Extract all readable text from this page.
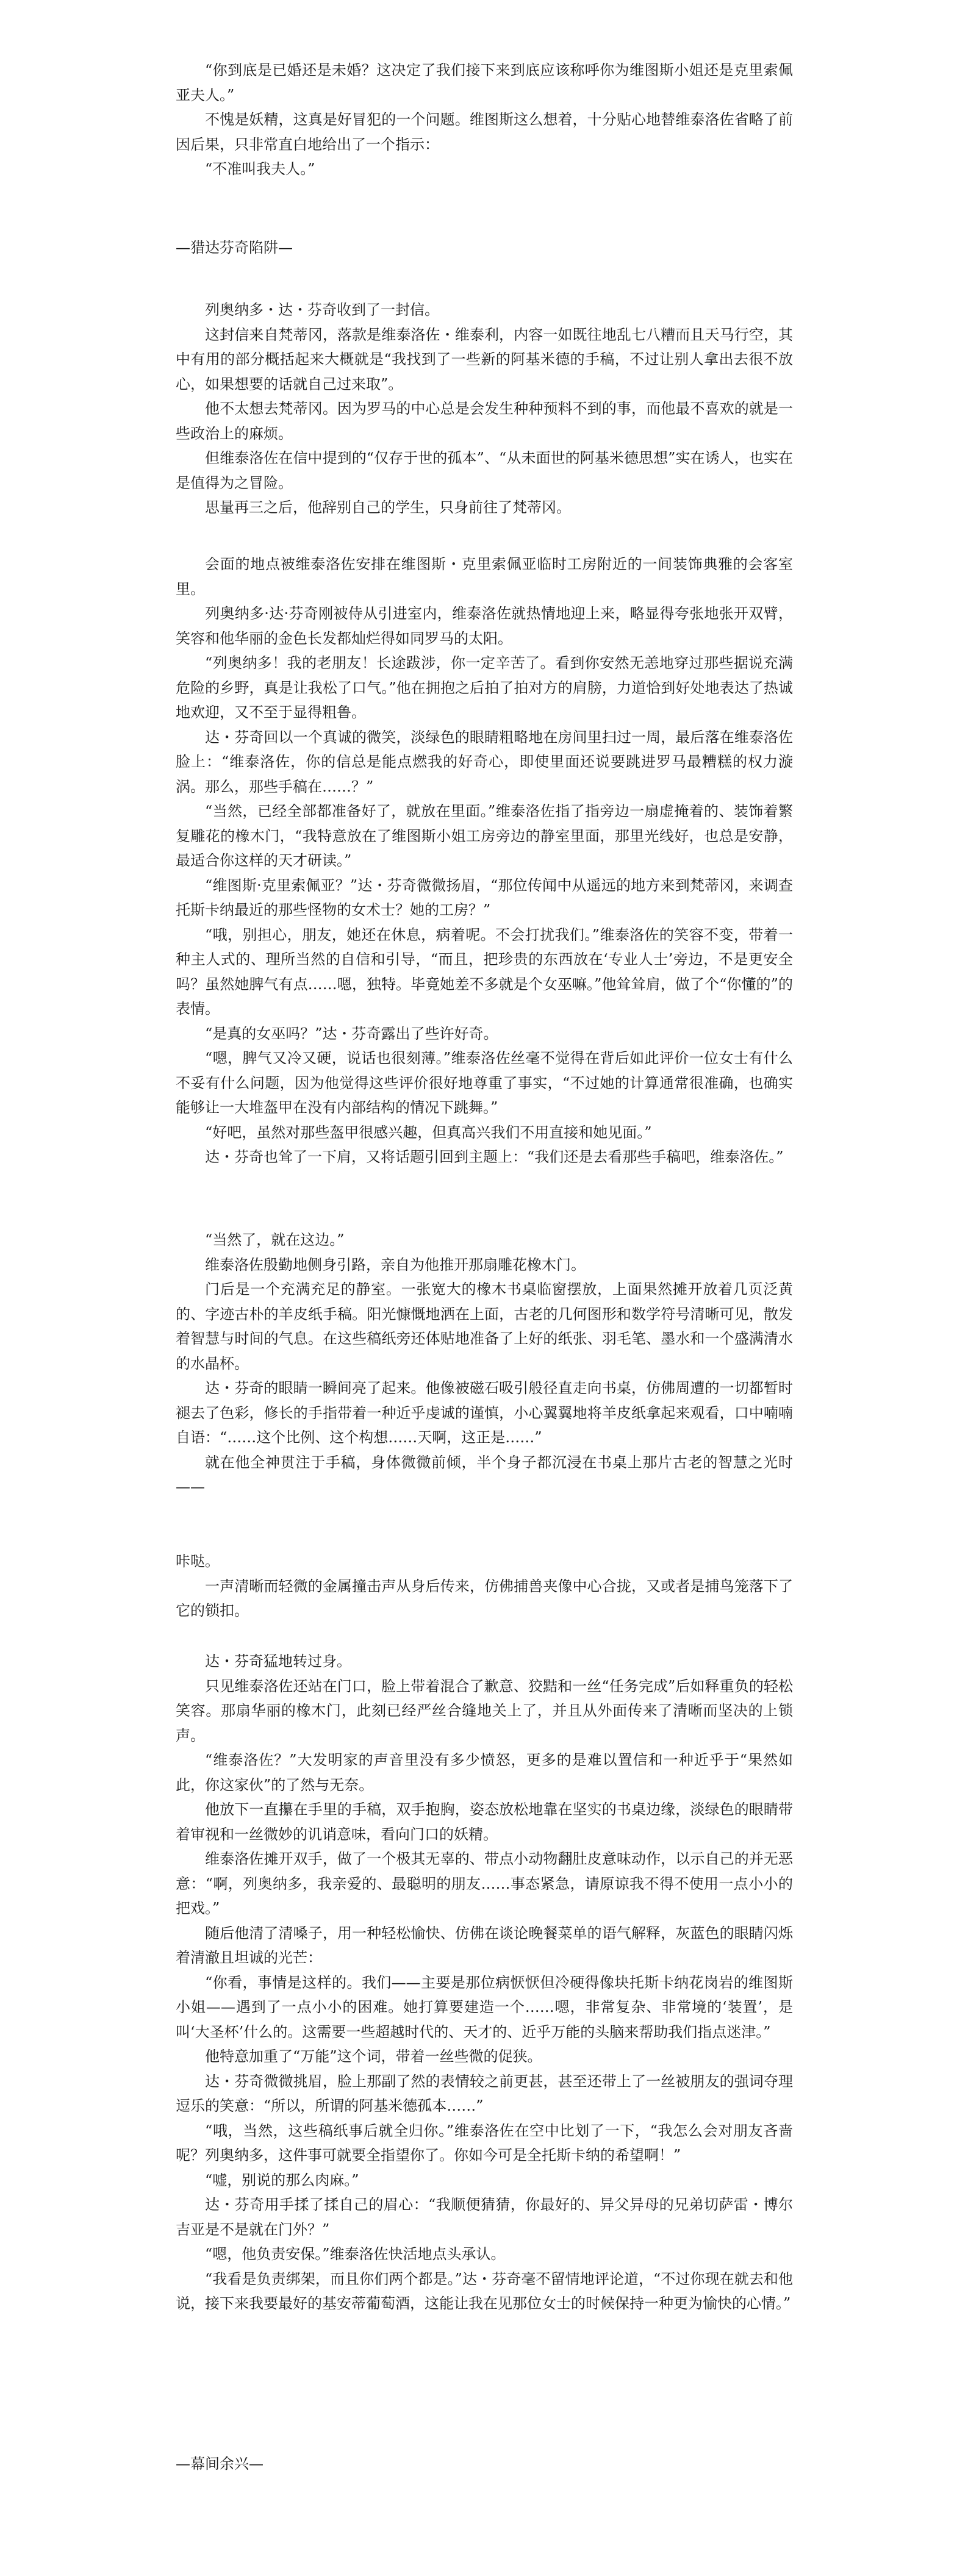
“你到底是已婚还是未婚？这决定了我们接下来到底应该称呼你为维图斯小姐还是克里索佩亚夫人。”

不愧是妖精，这真是好冒犯的一个问题。维图斯这么想着，十分贴心地替维泰洛佐省略了前因后果，只非常直白地给出了一个指示：

“不准叫我夫人。”

—猎达芬奇陷阱—

列奥纳多・达・芬奇收到了一封信。

这封信来自梵蒂冈，落款是维泰洛佐・维泰利，内容一如既往地乱七八糟而且天马行空，其中有用的部分概括起来大概就是“我找到了一些新的阿基米德的手稿，不过让别人拿出去很不放心，如果想要的话就自己过来取”。

他不太想去梵蒂冈。因为罗马的中心总是会发生种种预料不到的事，而他最不喜欢的就是一些政治上的麻烦。

但维泰洛佐在信中提到的“仅存于世的孤本”、“从未面世的阿基米德思想”实在诱人，也实在是值得为之冒险。

思量再三之后，他辞别自己的学生，只身前往了梵蒂冈。

会面的地点被维泰洛佐安排在维图斯・克里索佩亚临时工房附近的一间装饰典雅的会客室里。

列奥纳多·达·芬奇刚被侍从引进室内，维泰洛佐就热情地迎上来，略显得夸张地张开双臂，笑容和他华丽的金色长发都灿烂得如同罗马的太阳。

“列奥纳多！我的老朋友！长途跋涉，你一定辛苦了。看到你安然无恙地穿过那些据说充满危险的乡野，真是让我松了口气。”他在拥抱之后拍了拍对方的肩膀，力道恰到好处地表达了热诚地欢迎，又不至于显得粗鲁。

达・芬奇回以一个真诚的微笑，淡绿色的眼睛粗略地在房间里扫过一周，最后落在维泰洛佐脸上：“维泰洛佐，你的信总是能点燃我的好奇心，即使里面还说要跳进罗马最糟糕的权力漩涡。那么，那些手稿在……？”

“当然，已经全部都准备好了，就放在里面。”维泰洛佐指了指旁边一扇虚掩着的、装饰着繁复雕花的橡木门，“我特意放在了维图斯小姐工房旁边的静室里面，那里光线好，也总是安静，最适合你这样的天才研读。”

“维图斯·克里索佩亚？”达・芬奇微微扬眉，“那位传闻中从遥远的地方来到梵蒂冈，来调查托斯卡纳最近的那些怪物的女术士？她的工房？”

“哦，别担心，朋友，她还在休息，病着呢。不会打扰我们。”维泰洛佐的笑容不变，带着一种主人式的、理所当然的自信和引导，“而且，把珍贵的东西放在‘专业人士’旁边，不是更安全吗？虽然她脾气有点……嗯，独特。毕竟她差不多就是个女巫嘛。”他耸耸肩，做了个“你懂的”的表情。

“是真的女巫吗？”达・芬奇露出了些许好奇。

“嗯，脾气又冷又硬，说话也很刻薄。”维泰洛佐丝毫不觉得在背后如此评价一位女士有什么不妥有什么问题，因为他觉得这些评价很好地尊重了事实，“不过她的计算通常很准确，也确实能够让一大堆盔甲在没有内部结构的情况下跳舞。”

“好吧，虽然对那些盔甲很感兴趣，但真高兴我们不用直接和她见面。”

达・芬奇也耸了一下肩，又将话题引回到主题上：“我们还是去看那些手稿吧，维泰洛佐。”

“当然了，就在这边。”

维泰洛佐殷勤地侧身引路，亲自为他推开那扇雕花橡木门。

门后是一个充满充足的静室。一张宽大的橡木书桌临窗摆放，上面果然摊开放着几页泛黄的、字迹古朴的羊皮纸手稿。阳光慷慨地洒在上面，古老的几何图形和数学符号清晰可见，散发着智慧与时间的气息。在这些稿纸旁还体贴地准备了上好的纸张、羽毛笔、墨水和一个盛满清水的水晶杯。

达・芬奇的眼睛一瞬间亮了起来。他像被磁石吸引般径直走向书桌，仿佛周遭的一切都暂时褪去了色彩，修长的手指带着一种近乎虔诚的谨慎，小心翼翼地将羊皮纸拿起来观看，口中喃喃自语：“……这个比例、这个构想……天啊，这正是……”

就在他全神贯注于手稿，身体微微前倾，半个身子都沉浸在书桌上那片古老的智慧之光时——

咔哒。

一声清晰而轻微的金属撞击声从身后传来，仿佛捕兽夹像中心合拢，又或者是捕鸟笼落下了它的锁扣。

达・芬奇猛地转过身。

只见维泰洛佐还站在门口，脸上带着混合了歉意、狡黠和一丝“任务完成”后如释重负的轻松笑容。那扇华丽的橡木门，此刻已经严丝合缝地关上了，并且从外面传来了清晰而坚决的上锁声。

“维泰洛佐？”大发明家的声音里没有多少愤怒，更多的是难以置信和一种近乎于“果然如此，你这家伙”的了然与无奈。

他放下一直攥在手里的手稿，双手抱胸，姿态放松地靠在坚实的书桌边缘，淡绿色的眼睛带着审视和一丝微妙的讥诮意味，看向门口的妖精。

维泰洛佐摊开双手，做了一个极其无辜的、带点小动物翻肚皮意味动作，以示自己的并无恶意：“啊，列奥纳多，我亲爱的、最聪明的朋友……事态紧急，请原谅我不得不使用一点小小的把戏。”

随后他清了清嗓子，用一种轻松愉快、仿佛在谈论晚餐菜单的语气解释，灰蓝色的眼睛闪烁着清澈且坦诚的光芒：

“你看，事情是这样的。我们——主要是那位病恹恹但冷硬得像块托斯卡纳花岗岩的维图斯小姐——遇到了一点小小的困难。她打算要建造一个……嗯，非常复杂、非常境的‘装置’，是叫‘大圣杯’什么的。这需要一些超越时代的、天才的、近乎万能的头脑来帮助我们指点迷津。”

他特意加重了“万能”这个词，带着一丝些微的促狭。

达・芬奇微微挑眉，脸上那副了然的表情较之前更甚，甚至还带上了一丝被朋友的强词夺理逗乐的笑意：“所以，所谓的阿基米德孤本……”

“哦，当然，这些稿纸事后就全归你。”维泰洛佐在空中比划了一下，“我怎么会对朋友吝啬呢？列奥纳多，这件事可就要全指望你了。你如今可是全托斯卡纳的希望啊！”

“嘘，别说的那么肉麻。”

达・芬奇用手揉了揉自己的眉心：“我顺便猜猜，你最好的、异父异母的兄弟切萨雷・博尔吉亚是不是就在门外？”

“嗯，他负责安保。”维泰洛佐快活地点头承认。

“我看是负责绑架，而且你们两个都是。”达・芬奇毫不留情地评论道，“不过你现在就去和他说，接下来我要最好的基安蒂葡萄酒，这能让我在见那位女士的时候保持一种更为愉快的心情。”

—幕间余兴—
